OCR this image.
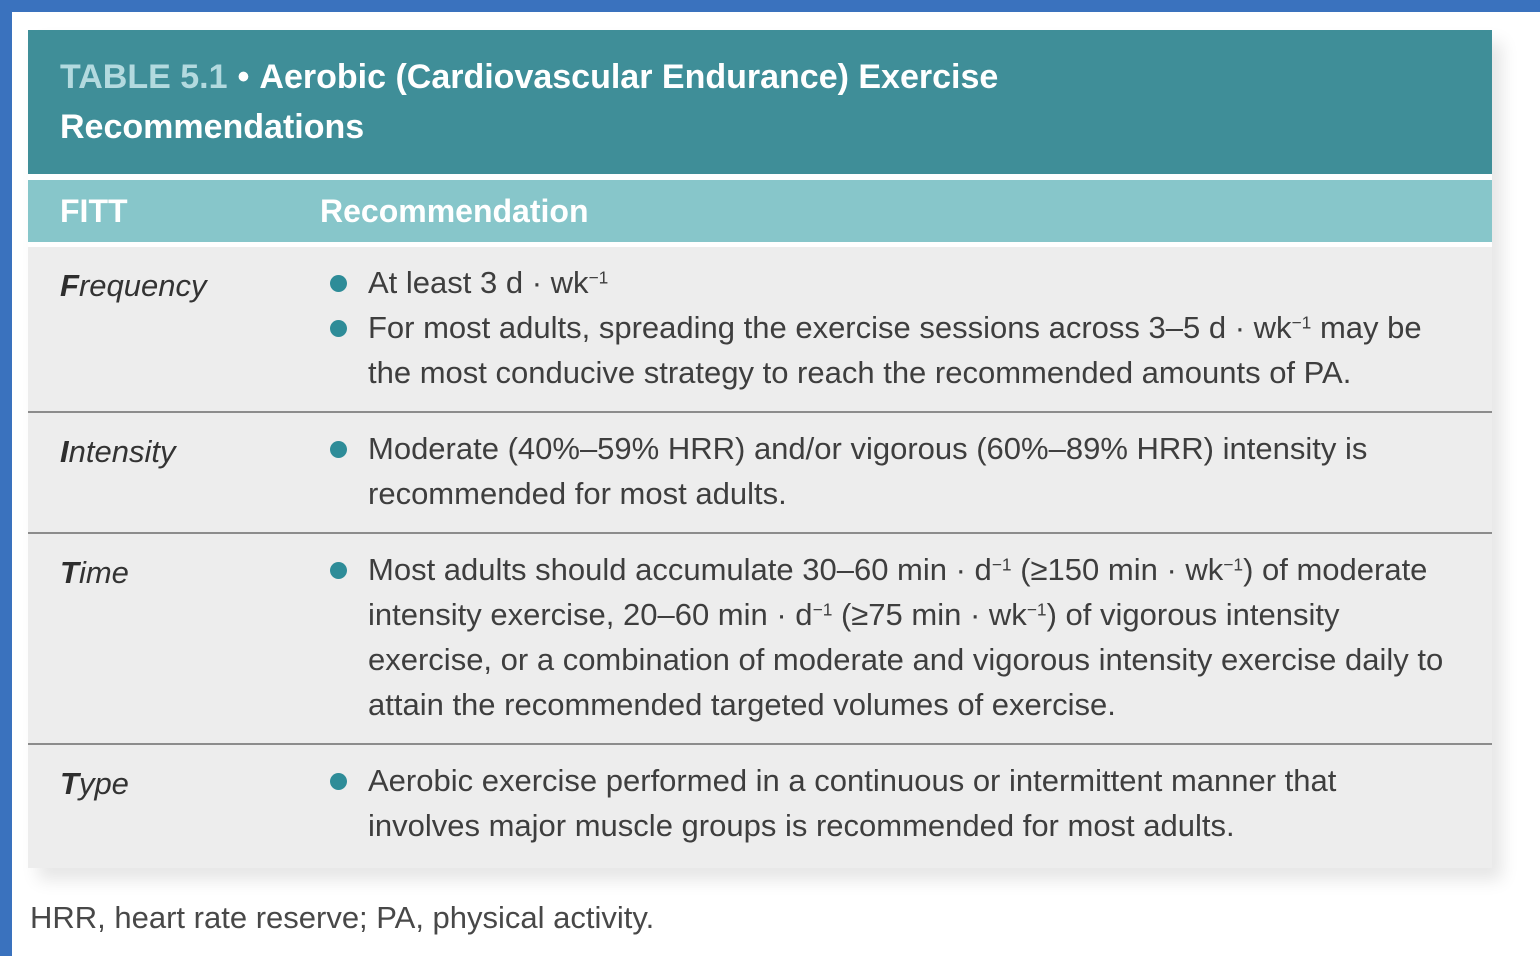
TABLE 5.1 • Aerobic (Cardiovascular Endurance) Exercise Recommendations
FITT	Recommendation
Frequency	At least 3 $d \cdot wk^{-1}$
For most adults, spreading the exercise sessions across 3–5 $d \cdot wk^{-1}$ may be the most conducive strategy to reach the recommended amounts of PA.
Intensity	Moderate (40%–59% HRR) and/or vigorous (60%–89% HRR) intensity is recommended for most adults.
Time	Most adults should accumulate 30–60 $\min \cdot d^{-1}$ (≥150 $\min \cdot wk^{-1}$) of moderate intensity exercise, 20–60 $\min \cdot d^{-1}$ (≥75 $\min \cdot wk^{-1}$) of vigorous intensity exercise, or a combination of moderate and vigorous intensity exercise daily to attain the recommended targeted volumes of exercise.
Type	Aerobic exercise performed in a continuous or intermittent manner that involves major muscle groups is recommended for most adults.
HRR, heart rate reserve; PA, physical activity.
